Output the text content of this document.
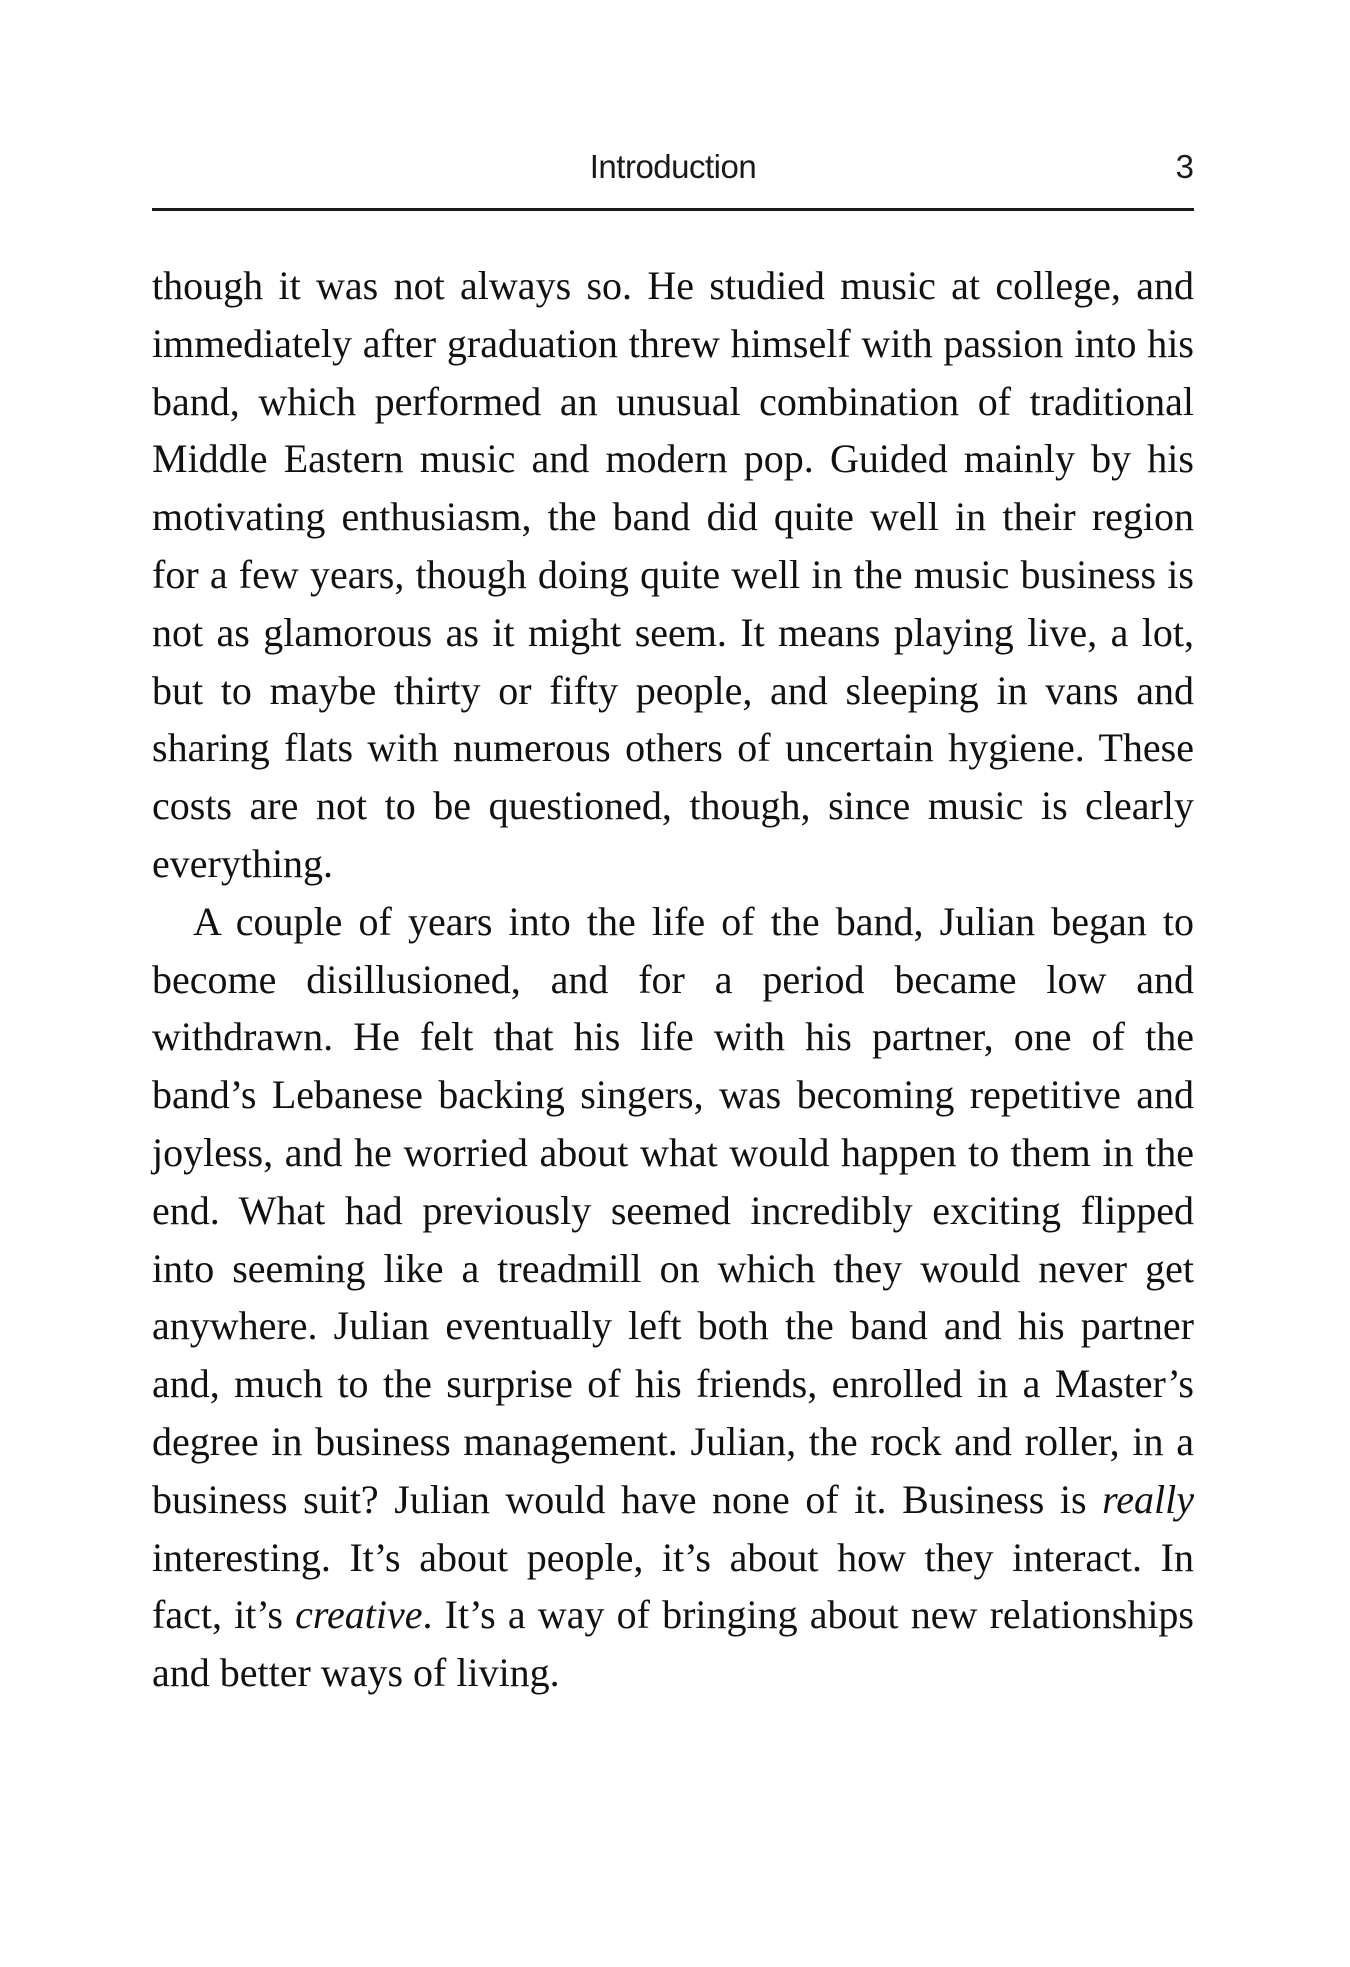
Introduction	3

though it was not always so. He studied music at college, and immediately after graduation threw himself with passion into his band, which performed an unusual combination of traditional Middle Eastern music and modern pop. Guided mainly by his motivating enthusiasm, the band did quite well in their region for a few years, though doing quite well in the music business is not as glamorous as it might seem. It means playing live, a lot, but to maybe thirty or fifty people, and sleeping in vans and sharing flats with numerous others of uncertain hygiene. These costs are not to be questioned, though, since music is clearly everything.

A couple of years into the life of the band, Julian began to become disillusioned, and for a period became low and withdrawn. He felt that his life with his partner, one of the band’s Lebanese backing singers, was becoming repetitive and joyless, and he worried about what would happen to them in the end. What had previously seemed incredibly exciting flipped into seeming like a treadmill on which they would never get anywhere. Julian eventually left both the band and his partner and, much to the surprise of his friends, enrolled in a Master’s degree in business management. Julian, the rock and roller, in a business suit? Julian would have none of it. Business is really interesting. It’s about people, it’s about how they interact. In fact, it’s creative. It’s a way of bringing about new relationships and better ways of living.
